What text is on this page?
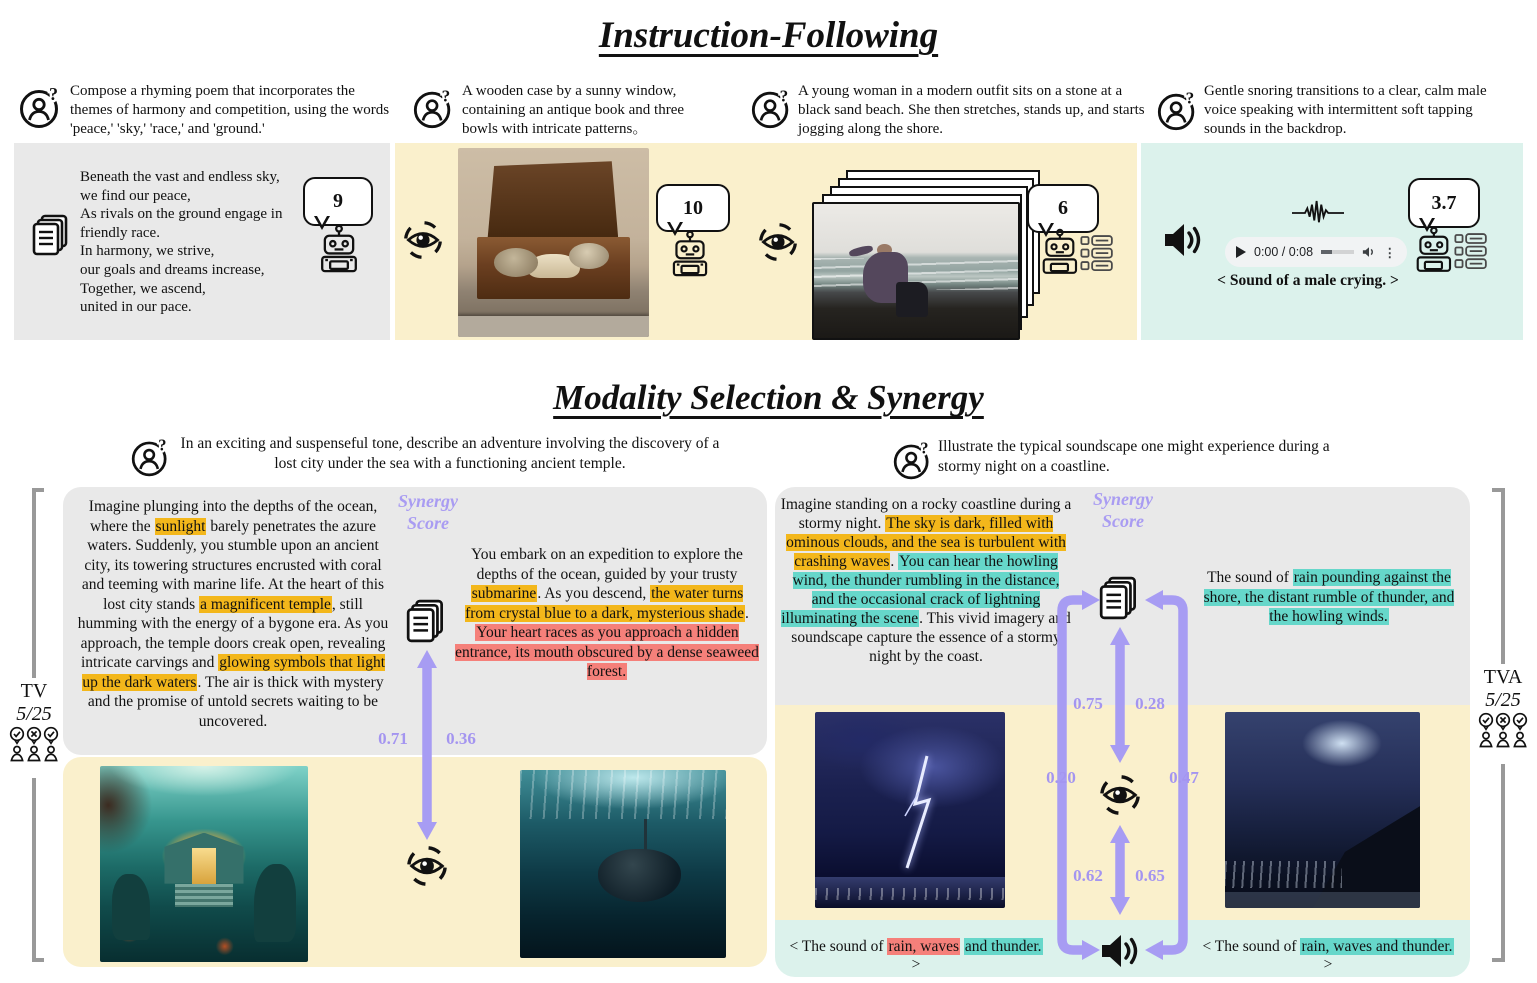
Instruction-Following
? Compose a rhyming poem that incorporates the themes of harmony and competition, using the words 'peace,' 'sky,' 'race,' and 'ground.'
? A wooden case by a sunny window, containing an antique book and three bowls with intricate patterns。
? A young woman in a modern outfit sits on a stone at a black sand beach. She then stretches, stands up, and starts jogging along the shore.
? Gentle snoring transitions to a clear, calm male voice speaking with intermittent soft tapping sounds in the backdrop.
Beneath the vast and endless sky,
we find our peace,
As rivals on the ground engage in
friendly race.
In harmony, we strive,
our goals and dreams increase,
Together, we ascend,
united in our pace.
9	10	6
0:00 / 0:08	⋮
< Sound of a male crying. >
3.7
Modality Selection & Synergy
? In an exciting and suspenseful tone, describe an adventure involving the discovery of a lost city under the sea with a functioning ancient temple.
? Illustrate the typical soundscape one might experience during a stormy night on a coastline.
TV
5/25
TVA
5/25
Imagine plunging into the depths of the ocean, where the sunlight barely penetrates the azure waters. Suddenly, you stumble upon an ancient city, its towering structures encrusted with coral and teeming with marine life. At the heart of this lost city stands a magnificent temple, still humming with the energy of a bygone era. As you approach, the temple doors creak open, revealing intricate carvings and glowing symbols that light up the dark waters. The air is thick with mystery and the promise of untold secrets waiting to be uncovered.
Synergy Score
You embark on an expedition to explore the depths of the ocean, guided by your trusty submarine. As you descend, the water turns from crystal blue to a dark, mysterious shade. Your heart races as you approach a hidden entrance, its mouth obscured by a dense seaweed forest.
0.71	0.36
Imagine standing on a rocky coastline during a stormy night. The sky is dark, filled with ominous clouds, and the sea is turbulent with crashing waves. You can hear the howling wind, the thunder rumbling in the distance, and the occasional crack of lightning illuminating the scene. This vivid imagery and soundscape capture the essence of a stormy night by the coast.
Synergy Score
The sound of rain pounding against the shore, the distant rumble of thunder, and the howling winds.
0.75	0.28
0.20	0.47
0.62	0.65
< The sound of rain, waves and thunder. >
< The sound of rain, waves and thunder. >
